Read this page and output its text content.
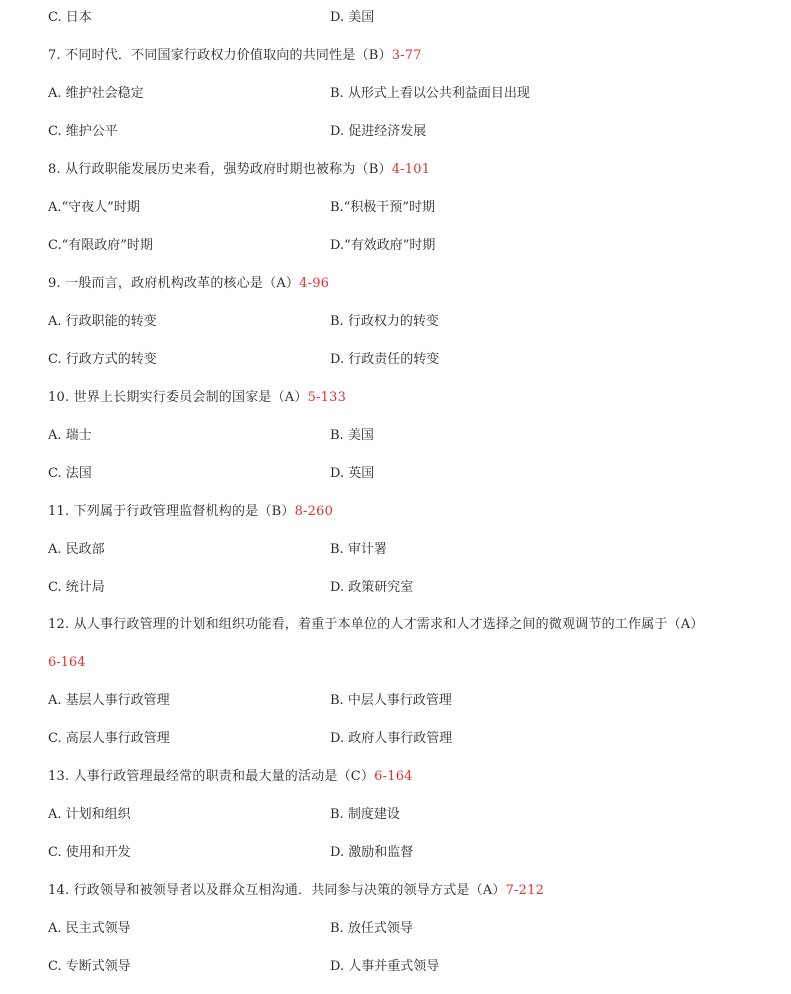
C. 日本	D. 美国
7. 不同时代．不同国家行政权力价值取向的共同性是（B）3-77
A. 维护社会稳定	B. 从形式上看以公共利益面目出现
C. 维护公平	D. 促进经济发展
8. 从行政职能发展历史来看，强势政府时期也被称为（B）4-101
A.“守夜人”时期	B.“积极干预”时期
C.“有限政府”时期	D.“有效政府”时期
9. 一般而言，政府机构改革的核心是（A）4-96
A. 行政职能的转变	B. 行政权力的转变
C. 行政方式的转变	D. 行政责任的转变
10. 世界上长期实行委员会制的国家是（A）5-133
A. 瑞士	B. 美国
C. 法国	D. 英国
11. 下列属于行政管理监督机构的是（B）8-260
A. 民政部	B. 审计署
C. 统计局	D. 政策研究室
12. 从人事行政管理的计划和组织功能看，着重于本单位的人才需求和人才选择之间的微观调节的工作属于（A）
6-164
A. 基层人事行政管理	B. 中层人事行政管理
C. 高层人事行政管理	D. 政府人事行政管理
13. 人事行政管理最经常的职责和最大量的活动是（C）6-164
A. 计划和组织	B. 制度建设
C. 使用和开发	D. 激励和监督
14. 行政领导和被领导者以及群众互相沟通．共同参与决策的领导方式是（A）7-212
A. 民主式领导	B. 放任式领导
C. 专断式领导	D. 人事并重式领导
